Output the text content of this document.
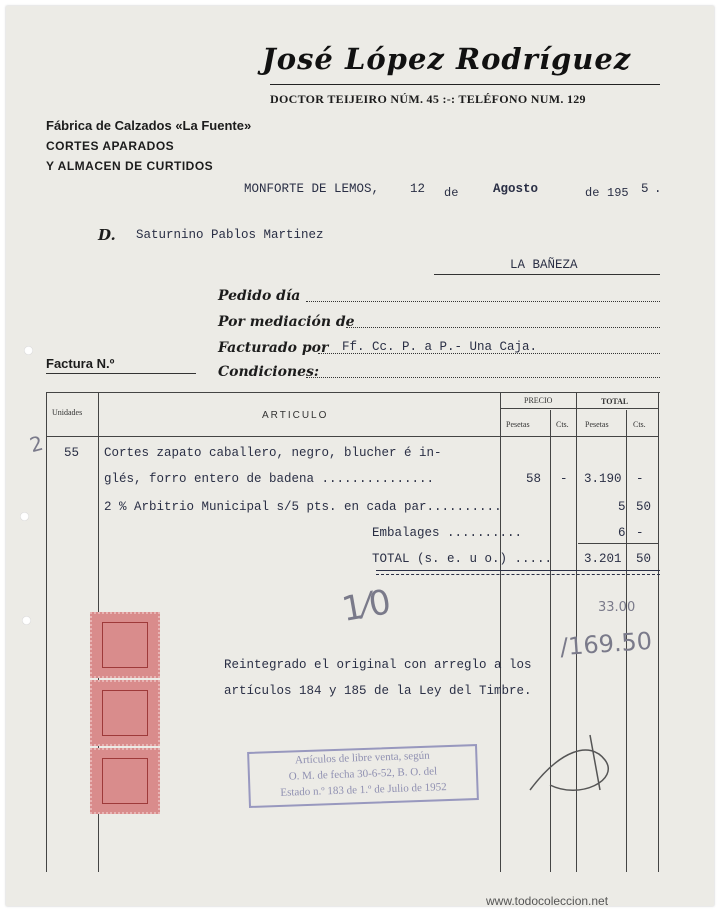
José López Rodríguez
DOCTOR TEIJEIRO NÚM. 45 :-: TELÉFONO NUM. 129
Fábrica de Calzados «La Fuente»
CORTES APARADOS
Y ALMACEN DE CURTIDOS
MONFORTE DE LEMOS, 12 de	Agosto	de 195 5 .
D. Saturnino Pablos Martinez
LA BAÑEZA
Pedido día
Por mediación de
Facturado por Ff. Cc. P. a P.- Una Caja.
Condiciones:
Factura N.º
Unidades	ARTICULO
PRECIO	TOTAL
Pesetas	Cts. Pesetas	Cts.
55 Cortes zapato caballero, negro, blucher é in-
glés, forro entero de badena ...............	58 - 3.190 -
2 % Arbitrio Municipal s/5 pts. en cada par..........	5 50
Embalages ..........	6 -
TOTAL (s. e. u o.) .....	3.201 50
1⁄0
2
33.00
/169.50
Reintegrado el original con arreglo a los
artículos 184 y 185 de la Ley del Timbre.
Artículos de libre venta, según
O. M. de fecha 30-6-52, B. O. del
Estado n.º 183 de 1.º de Julio de 1952
www.todocoleccion.net
